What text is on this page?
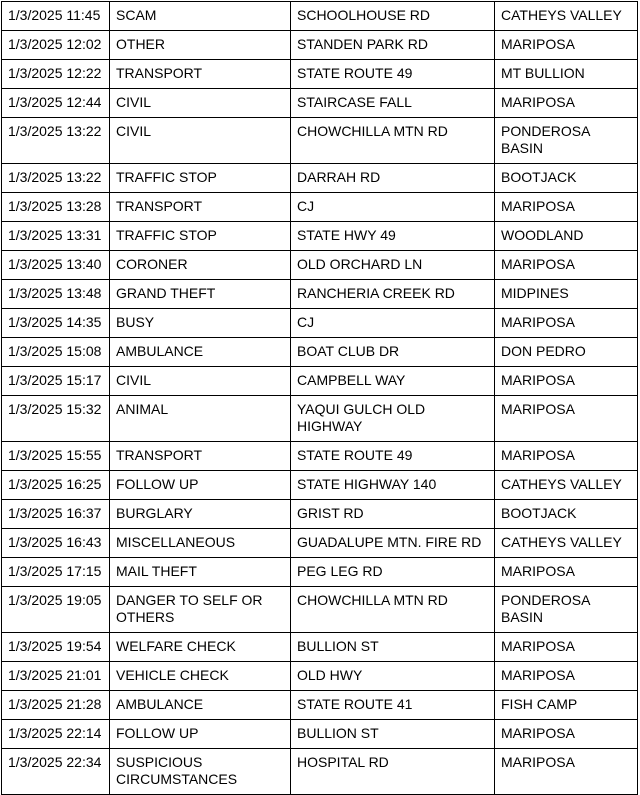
1/3/2025 11:45	SCAM	SCHOOLHOUSE RD	CATHEYS VALLEY
1/3/2025 12:02	OTHER	STANDEN PARK RD	MARIPOSA
1/3/2025 12:22	TRANSPORT	STATE ROUTE 49	MT BULLION
1/3/2025 12:44	CIVIL	STAIRCASE FALL	MARIPOSA
1/3/2025 13:22	CIVIL	CHOWCHILLA MTN RD	PONDEROSA BASIN
1/3/2025 13:22	TRAFFIC STOP	DARRAH RD	BOOTJACK
1/3/2025 13:28	TRANSPORT	CJ	MARIPOSA
1/3/2025 13:31	TRAFFIC STOP	STATE HWY 49	WOODLAND
1/3/2025 13:40	CORONER	OLD ORCHARD LN	MARIPOSA
1/3/2025 13:48	GRAND THEFT	RANCHERIA CREEK RD	MIDPINES
1/3/2025 14:35	BUSY	CJ	MARIPOSA
1/3/2025 15:08	AMBULANCE	BOAT CLUB DR	DON PEDRO
1/3/2025 15:17	CIVIL	CAMPBELL WAY	MARIPOSA
1/3/2025 15:32	ANIMAL	YAQUI GULCH OLD HIGHWAY	MARIPOSA
1/3/2025 15:55	TRANSPORT	STATE ROUTE 49	MARIPOSA
1/3/2025 16:25	FOLLOW UP	STATE HIGHWAY 140	CATHEYS VALLEY
1/3/2025 16:37	BURGLARY	GRIST RD	BOOTJACK
1/3/2025 16:43	MISCELLANEOUS	GUADALUPE MTN. FIRE RD	CATHEYS VALLEY
1/3/2025 17:15	MAIL THEFT	PEG LEG RD	MARIPOSA
1/3/2025 19:05	DANGER TO SELF OR OTHERS	CHOWCHILLA MTN RD	PONDEROSA BASIN
1/3/2025 19:54	WELFARE CHECK	BULLION ST	MARIPOSA
1/3/2025 21:01	VEHICLE CHECK	OLD HWY	MARIPOSA
1/3/2025 21:28	AMBULANCE	STATE ROUTE 41	FISH CAMP
1/3/2025 22:14	FOLLOW UP	BULLION ST	MARIPOSA
1/3/2025 22:34	SUSPICIOUS CIRCUMSTANCES	HOSPITAL RD	MARIPOSA
